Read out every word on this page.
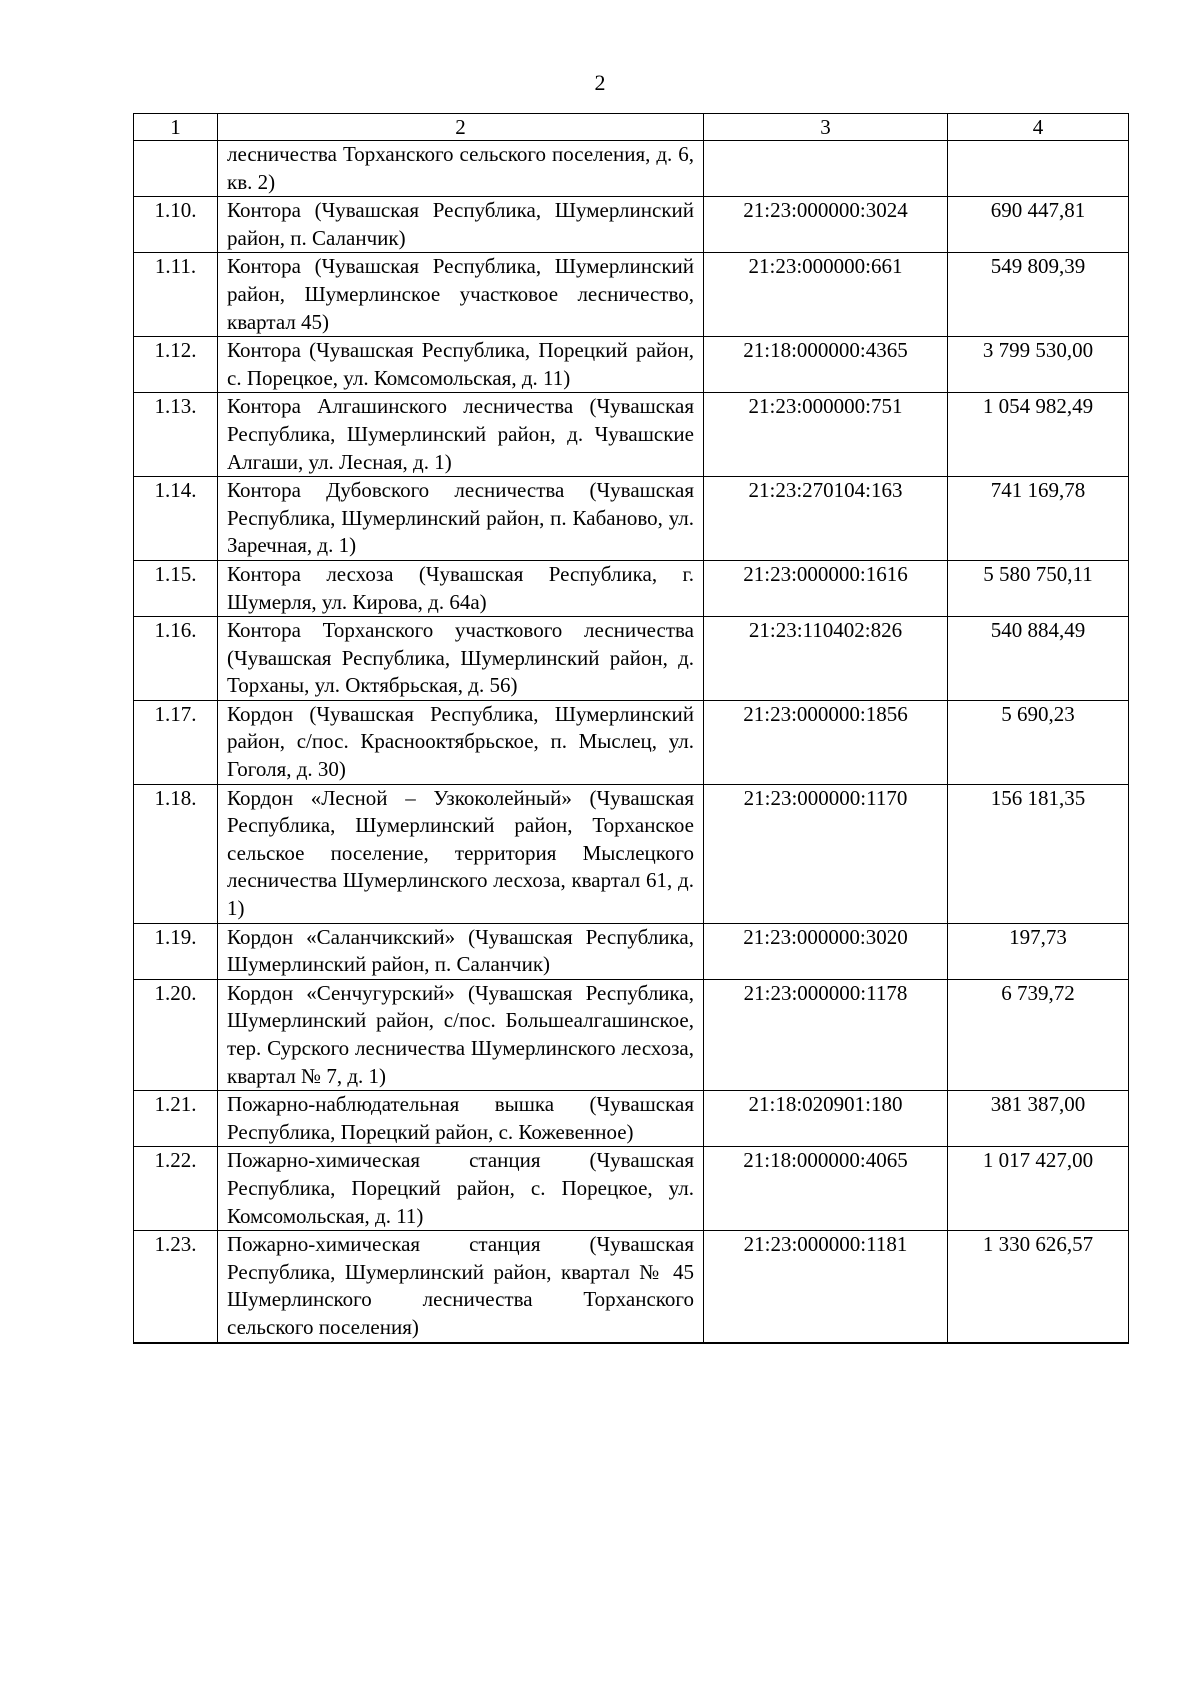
2
1	2	3	4
	лесничества Торханского сельского поселения, д. 6, кв. 2)		
1.10.	Контора (Чувашская Республика, Шумерлинский район, п. Саланчик)	21:23:000000:3024	690 447,81
1.11.	Контора (Чувашская Республика, Шумерлинский район, Шумерлинское участковое лесничество, квартал 45)	21:23:000000:661	549 809,39
1.12.	Контора (Чувашская Республика, Порецкий район, с. Порецкое, ул. Комсомольская, д. 11)	21:18:000000:4365	3 799 530,00
1.13.	Контора Алгашинского лесничества (Чувашская Республика, Шумерлинский район, д. Чувашские Алгаши, ул. Лесная, д. 1)	21:23:000000:751	1 054 982,49
1.14.	Контора Дубовского лесничества (Чувашская Республика, Шумерлинский район, п. Кабаново, ул. Заречная, д. 1)	21:23:270104:163	741 169,78
1.15.	Контора лесхоза (Чувашская Республика, г. Шумерля, ул. Кирова, д. 64а)	21:23:000000:1616	5 580 750,11
1.16.	Контора Торханского участкового лесничества (Чувашская Республика, Шумерлинский район, д. Торханы, ул. Октябрьская, д. 56)	21:23:110402:826	540 884,49
1.17.	Кордон (Чувашская Республика, Шумерлинский район, с/пос. Краснооктябрьское, п. Мыслец, ул. Гоголя, д. 30)	21:23:000000:1856	5 690,23
1.18.	Кордон «Лесной – Узкоколейный» (Чувашская Республика, Шумерлинский район, Торханское сельское поселение, территория Мыслецкого лесничества Шумерлинского лесхоза, квартал 61, д. 1)	21:23:000000:1170	156 181,35
1.19.	Кордон «Саланчикский» (Чувашская Республика, Шумерлинский район, п. Саланчик)	21:23:000000:3020	197,73
1.20.	Кордон «Сенчугурский» (Чувашская Республика, Шумерлинский район, с/пос. Большеалгашинское, тер. Сурского лесничества Шумерлинского лесхоза, квартал № 7, д. 1)	21:23:000000:1178	6 739,72
1.21.	Пожарно-наблюдательная вышка (Чувашская Республика, Порецкий район, с. Кожевенное)	21:18:020901:180	381 387,00
1.22.	Пожарно-химическая станция (Чувашская Республика, Порецкий район, с. Порецкое, ул. Комсомольская, д. 11)	21:18:000000:4065	1 017 427,00
1.23.	Пожарно-химическая станция (Чувашская Республика, Шумерлинский район, квартал № 45 Шумерлинского лесничества Торханского сельского поселения)	21:23:000000:1181	1 330 626,57
